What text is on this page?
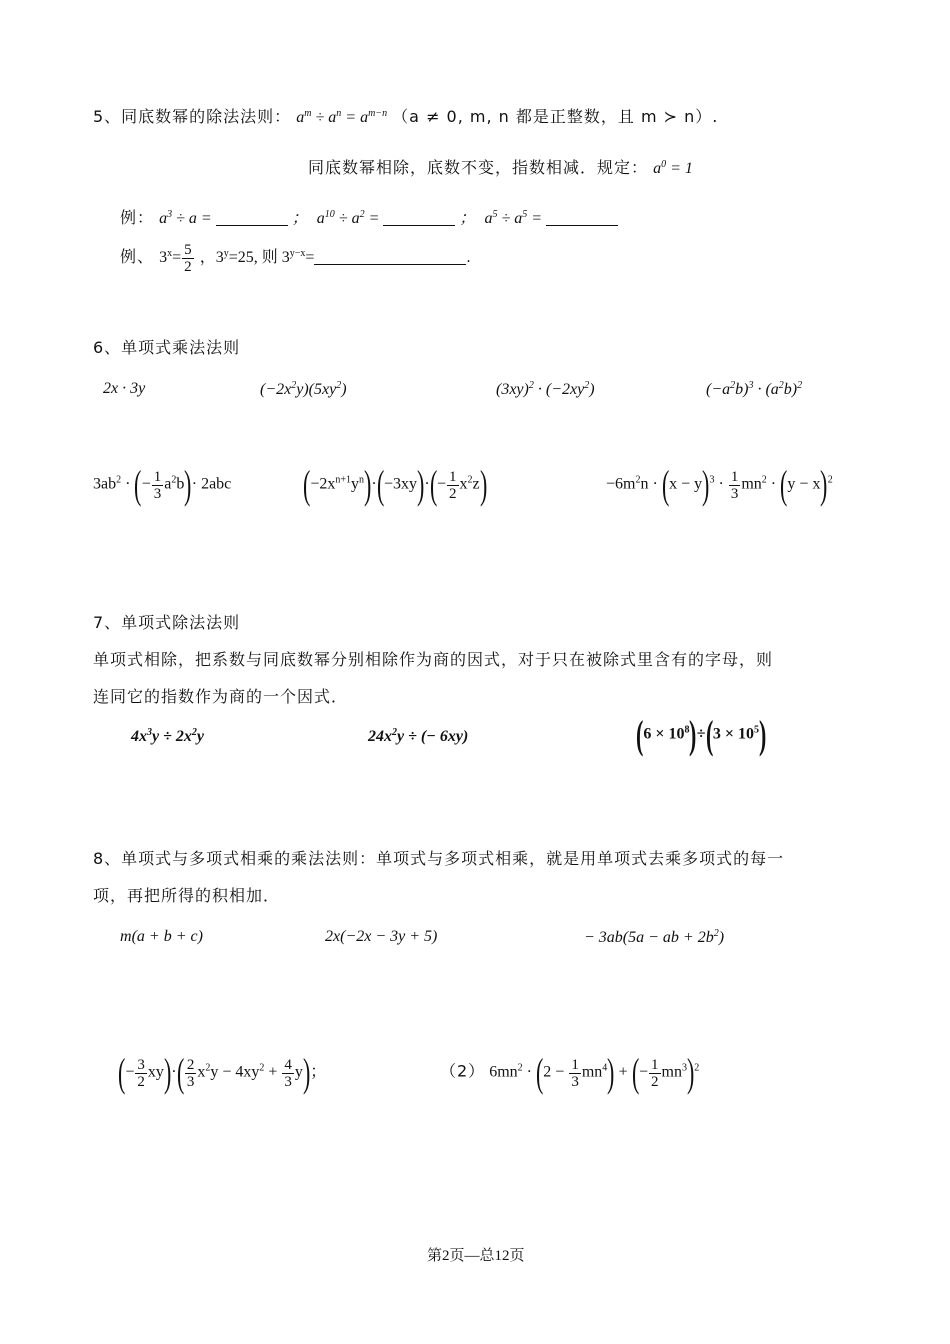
5、同底数幂的除法法则： $a^m \div a^n = a^{m-n}$ （a ≠ 0, m, n 都是正整数，且 m ≻ n）.
同底数幂相除，底数不变，指数相减．规定： $a^0 = 1$
例： $a^3 \div a$ =	；  $a^{10} \div a^2$ =	；  $a^5 \div a^5$ =
例、 $3^x= \frac{5}{2}$ ，$3^y=25$, 则 $3^{y-x}=$	.
6、单项式乘法法则
2x · 3y	$(-2x^2y)(5xy^2)$	$(3xy)^2 \cdot (-2xy^2)$	$(-a^2b)^3 \cdot (a^2b)^2$
$3ab^2$ · (− $\frac{1}{3} a^2b)\cdot 2abc$ $(-2x^{n+1}y^n)\cdot(-3xy)\cdot(- \frac{1}{2} x^2z)$	$-6m^2n \cdot (x - y)^3 \cdot \frac{1}{3} mn^2 \cdot (y - x)^2$
7、单项式除法法则
单项式相除，把系数与同底数幂分别相除作为商的因式，对于只在被除式里含有的字母，则
连同它的指数作为商的一个因式．
$4x^3y \div 2x^2y$	$24x^2y$ ÷ (− 6xy)	$(6 \times 10^8)\div(3 \times 10^5)$
8、单项式与多项式相乘的乘法法则：单项式与多项式相乘，就是用单项式去乘多项式的每一
项，再把所得的积相加．
m(a + b + c)	2x(−2x − 3y + 5)	− 3ab(5a − ab + $2b^2$)
(− $\frac{3}{2} xy)\cdot( \frac{2}{3} x^2y - 4xy^2 + \frac{4}{3} y)$；	（2） $6mn^2 \cdot (2 - \frac{1}{3} mn^4)$ + (− $\frac{1}{2} mn^3)^2$
第2页—总12页
